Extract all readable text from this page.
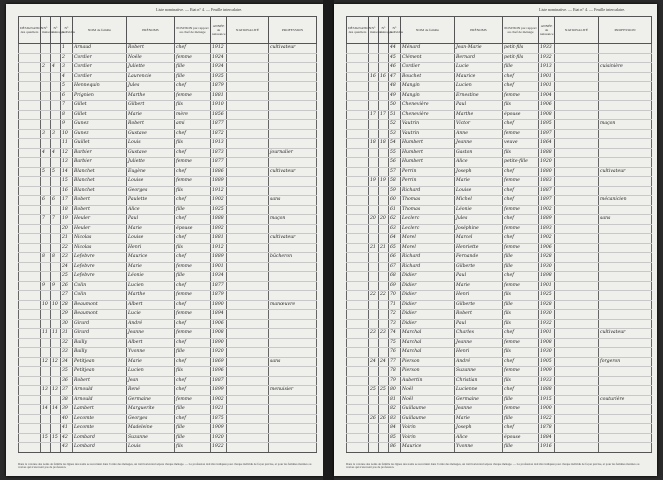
Liste nominative. — Etat n° 4. — Feuille intercalaire.
DÉSIGNATION des quartiers	N° maisons	N° ménages	N° individus	NOM de famille	PRÉNOMS	POSITION par rapport au chef de ménage	ANNÉE de naissance	NATIONALITÉ	PROFESSION
			1	Arnaud	Robert	chef	1912		cultivateur
			2	Cordier	Noële	femme	1924		
	2	4	3	Cordier	Juliette	fille	1934		
			4	Cordier	Laurencie	fille	1935		
			5	Hennequin	Jules	chef	1879		
			6	Prignien	Marthe	femme	1881		
			7	Gillet	Gilbert	fils	1910		
			8	Gillet	Marie	mère	1856		
			9	Gunez	Robert	ami	1877		
	3	3	10	Gunez	Gustave	chef	1872		
			11	Guillet	Louis	fils	1913		
	4	4	12	Barbier	Gustave	chef	1873		journalier
			13	Barbier	Juliette	femme	1877		
	5	5	14	Blanchet	Eugène	chef	1886		cultivateur
			15	Blanchet	Louise	femme	1889		
			16	Blanchet	Georges	fils	1912		
	6	6	17	Robert	Paulette	chef	1902		sans
			18	Robert	Alice	fille	1925		
	7	7	19	Heuler	Paul	chef	1888		maçon
			20	Heuler	Marie	épouse	1892		
			21	Nicolas	Louise	chef	1881		cultivateur
			22	Nicolas	Henri	fils	1912		
	8	8	23	Lefebvre	Maurice	chef	1889		bûcheron
			24	Lefebvre	Marie	femme	1901		
			25	Lefebvre	Léonie	fille	1934		
	9	9	26	Colin	Lucien	chef	1877		
			27	Colin	Marthe	femme	1879		
	10	10	28	Beaumont	Albert	chef	1890		manœuvre
			29	Beaumont	Lucie	femme	1894		
			30	Girard	André	chef	1906		
	11	11	31	Girard	Jeanne	femme	1908		
			32	Bailly	Albert	chef	1890		
			33	Bailly	Yvonne	fille	1920		
	12	12	34	Petitjean	Marie	chef	1869		sans
			35	Petitjean	Lucien	fils	1896		
			36	Robert	Jean	chef	1887		
	13	13	37	Arnould	René	chef	1899		menuisier
			38	Arnould	Germaine	femme	1902		
	14	14	39	Lambert	Marguerite	fille	1921		
			40	Lecomte	Georges	chef	1875		
			41	Lecomte	Madeleine	fille	1909		
	15	15	42	Lombard	Suzanne	fille	1920		
			43	Lombard	Louis	fils	1922		
Dans la colonne des noms de famille les lignes des noms se succèdent dans l'ordre des ménages, un trait horizontal sépare chaque ménage. — La profession doit être indiquée pour chaque individu de façon précise, et pour les femmes mariées ou veuves qui n'exercent pas de profession.
Liste nominative. — Etat n° 4. — Feuille intercalaire.
DÉSIGNATION des quartiers	N° maisons	N° ménages	N° individus	NOM de famille	PRÉNOMS	POSITION par rapport au chef de ménage	ANNÉE de naissance	NATIONALITÉ	PROFESSION
			44	Ménard	Jean-Marie	petit-fils	1933		
			45	Clément	Bernard	petit-fils	1932		
			46	Cordier	Lucie	fille	1913		cuisinière
	16	16	47	Bouchet	Maurice	chef	1901		
			48	Mangin	Lucien	chef	1901		
			49	Mangin	Ernestine	femme	1904		
			50	Chenevière	Paul	fils	1906		
	17	17	51	Chenevière	Marthe	épouse	1908		
			52	Vautrin	Victor	chef	1895		maçon
			53	Vautrin	Anne	femme	1897		
	18	18	54	Humbert	Jeanne	veuve	1864		
			55	Humbert	Gaston	fils	1888		
			56	Humbert	Alice	petite-fille	1920		
			57	Perrin	Joseph	chef	1880		cultivateur
	19	19	58	Perrin	Marie	femme	1883		
			59	Richard	Louise	chef	1887		
			60	Thomas	Michel	chef	1897		mécanicien
			61	Thomas	Léonie	femme	1902		
	20	20	62	Leclerc	Jules	chef	1889		sans
			63	Leclerc	Joséphine	femme	1893		
			64	Morel	Marcel	chef	1902		
	21	21	65	Morel	Henriette	femme	1906		
			66	Richard	Fernande	fille	1928		
			67	Richard	Gilberte	fille	1930		
			68	Didier	Paul	chef	1898		
			69	Didier	Marie	femme	1901		
	22	22	70	Didier	Henri	fils	1925		
			71	Didier	Gilberte	fille	1928		
			72	Didier	Robert	fils	1930		
			73	Didier	Paul	fils	1932		
	23	23	74	Marchal	Charles	chef	1901		cultivateur
			75	Marchal	Jeanne	femme	1908		
			76	Marchal	Henri	fils	1930		
	24	24	77	Pierson	André	chef	1905		forgeron
			78	Pierson	Suzanne	femme	1909		
			79	Aubertin	Christian	fils	1933		
	25	25	80	Noël	Lucienne	chef	1888		
			81	Noël	Germaine	fille	1915		couturière
			82	Guillaume	Jeanne	femme	1900		
	26	26	83	Guillaume	Marie	fille	1922		
			84	Voirin	Joseph	chef	1878		
			85	Voirin	Alice	épouse	1884		
			86	Maurice	Yvonne	fille	1916		
Dans la colonne des noms de famille les lignes des noms se succèdent dans l'ordre des ménages, un trait horizontal sépare chaque ménage. — La profession doit être indiquée pour chaque individu de façon précise, et pour les femmes mariées ou veuves qui n'exercent pas de profession.
